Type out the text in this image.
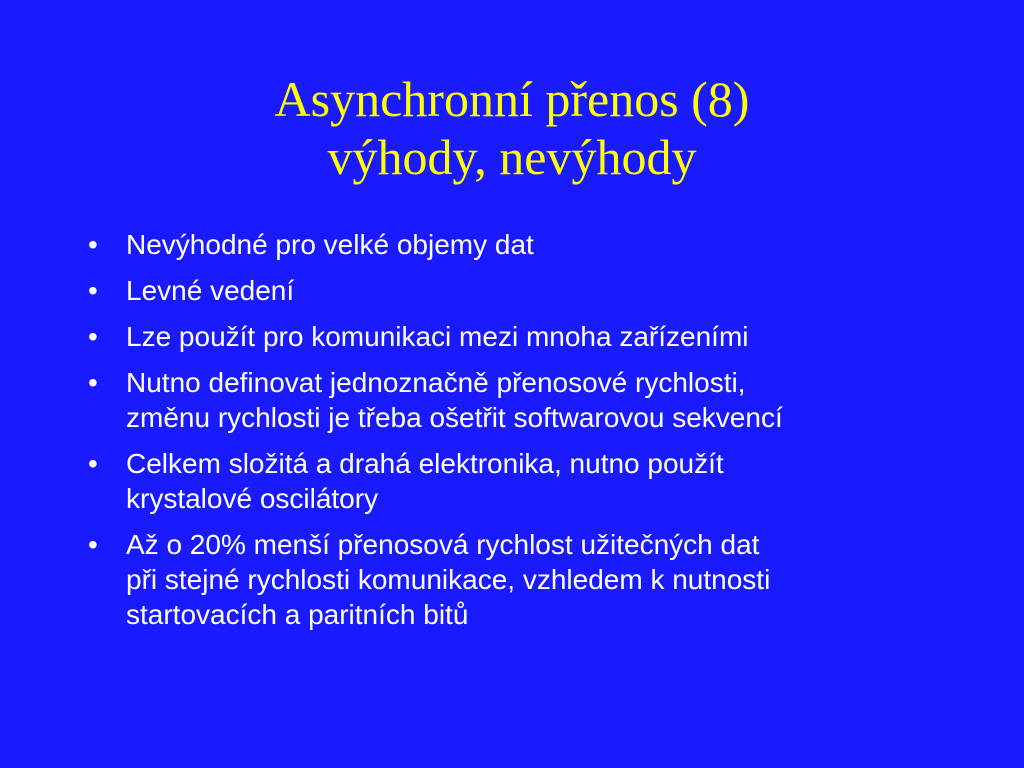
Asynchronní přenos (8)
výhody, nevýhody
•	Nevýhodné pro velké objemy dat
•	Levné vedení
•	Lze použít pro komunikaci mezi mnoha zařízeními
•	Nutno definovat jednoznačně přenosové rychlosti,
změnu rychlosti je třeba ošetřit softwarovou sekvencí
•	Celkem složitá a drahá elektronika, nutno použít
krystalové oscilátory
•	Až o 20% menší přenosová rychlost užitečných dat
při stejné rychlosti komunikace, vzhledem k nutnosti
startovacích a paritních bitů
